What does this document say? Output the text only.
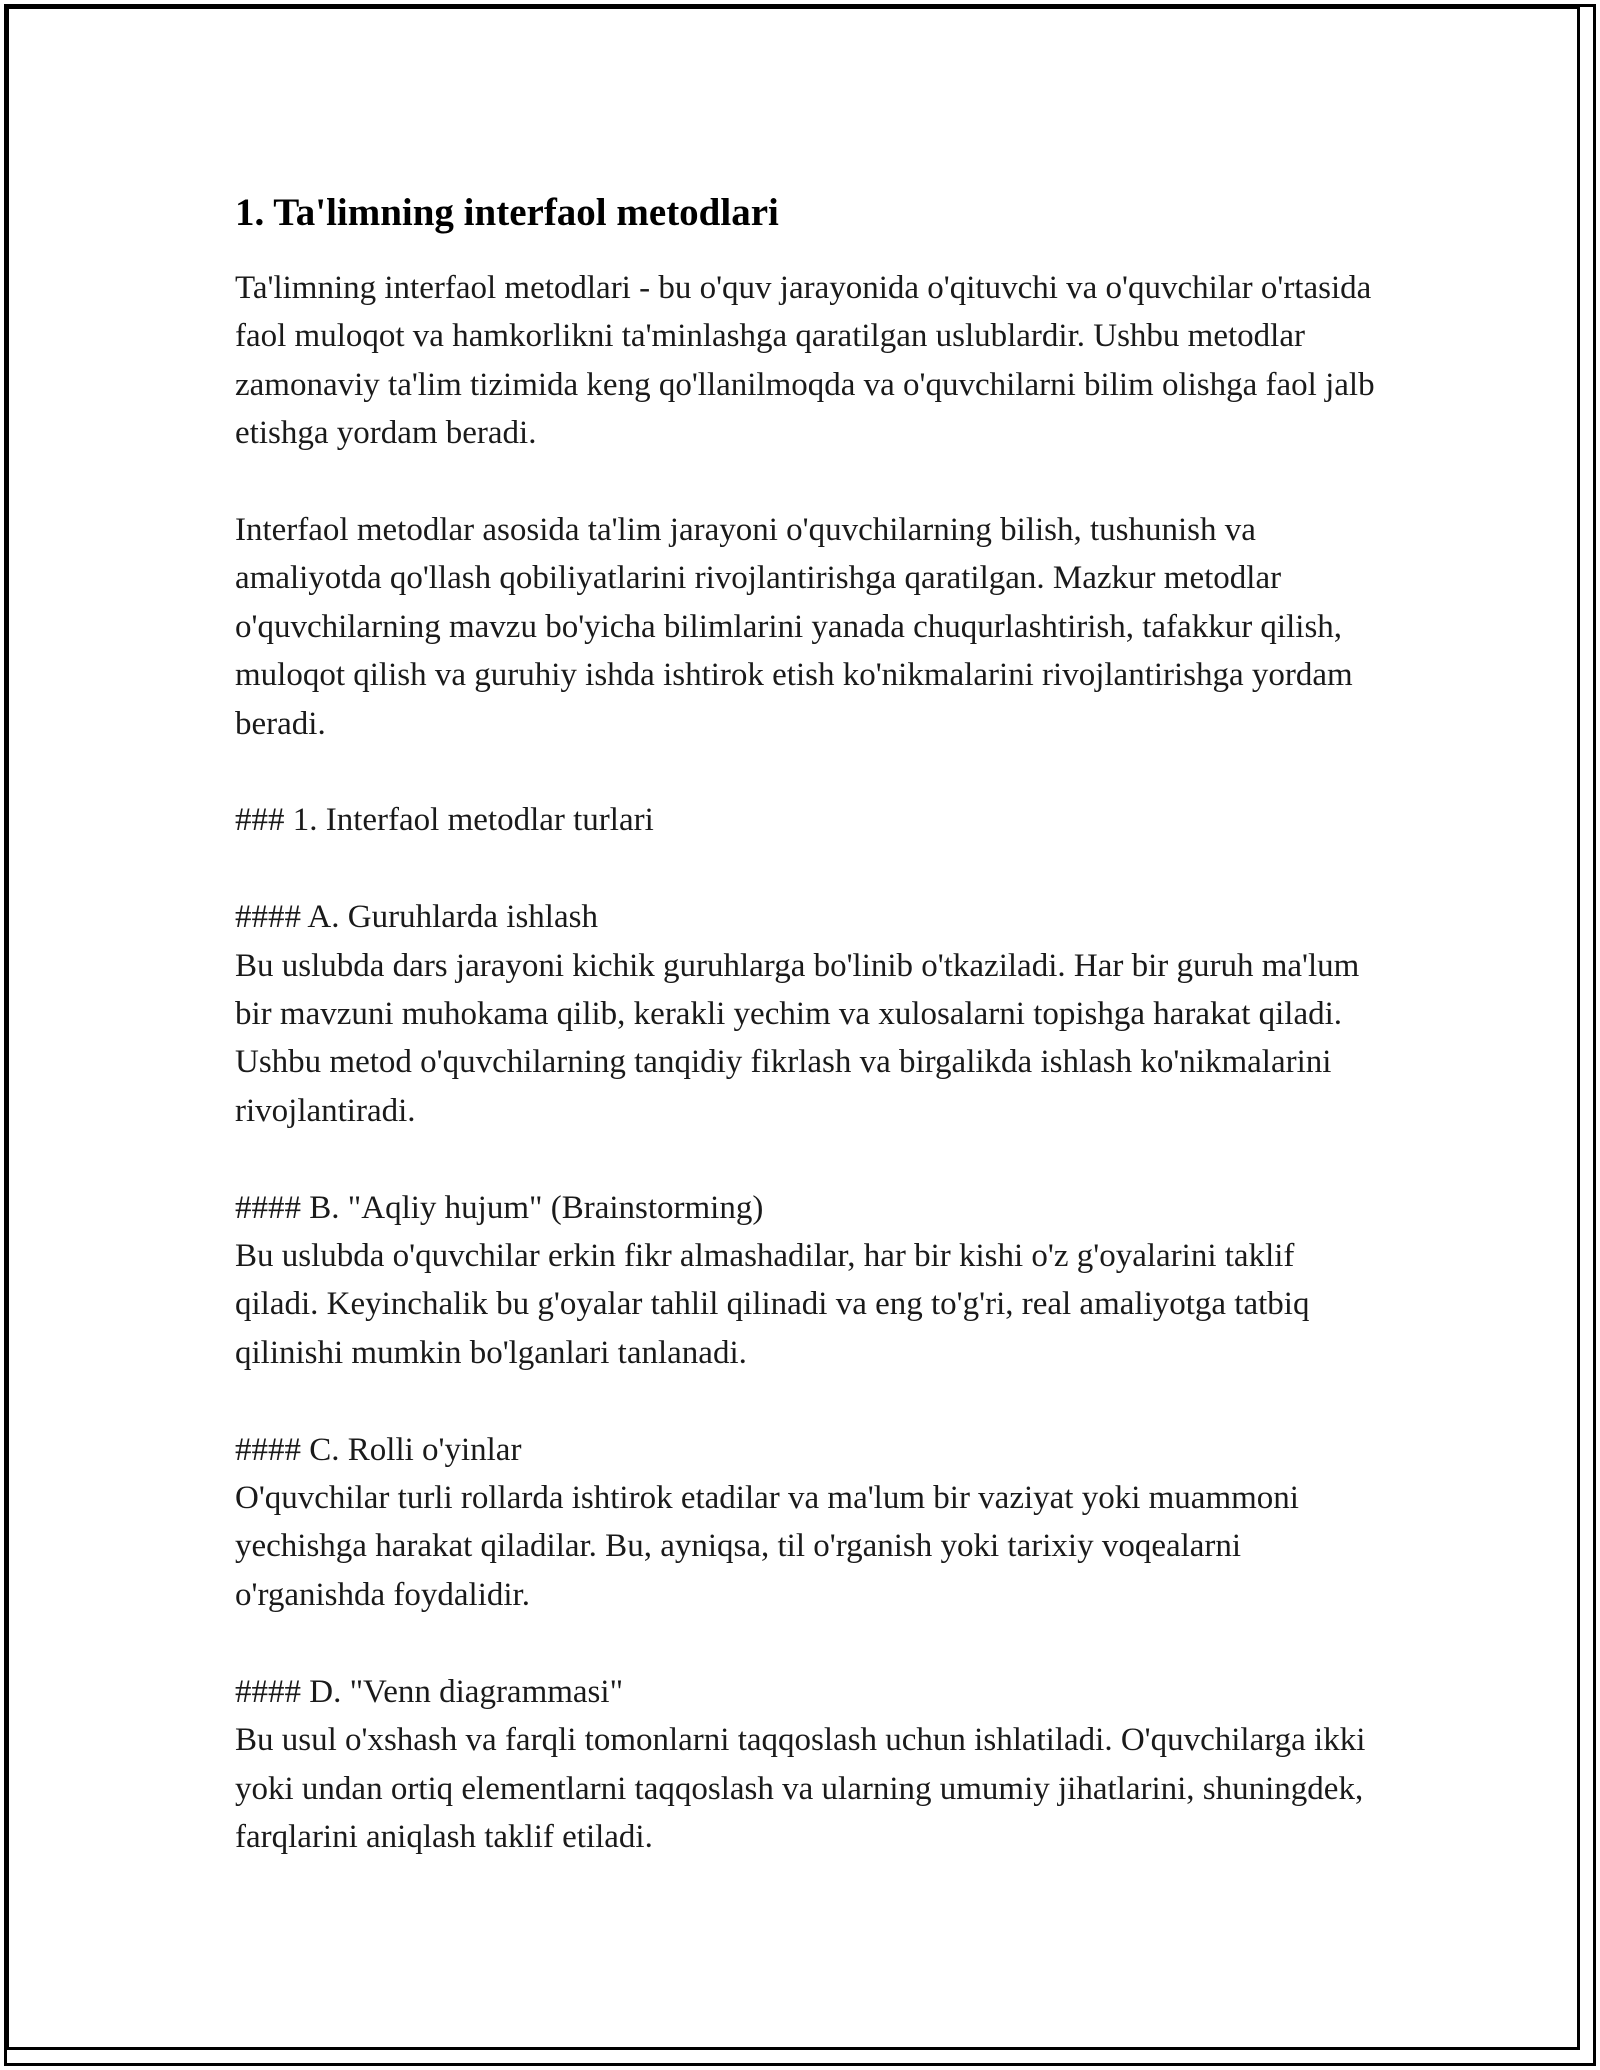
1. Ta'limning interfaol metodlari

Ta'limning interfaol metodlari - bu o'quv jarayonida o'qituvchi va o'quvchilar o'rtasida faol muloqot va hamkorlikni ta'minlashga qaratilgan uslublardir. Ushbu metodlar zamonaviy ta'lim tizimida keng qo'llanilmoqda va o'quvchilarni bilim olishga faol jalb etishga yordam beradi.

Interfaol metodlar asosida ta'lim jarayoni o'quvchilarning bilish, tushunish va amaliyotda qo'llash qobiliyatlarini rivojlantirishga qaratilgan. Mazkur metodlar o'quvchilarning mavzu bo'yicha bilimlarini yanada chuqurlashtirish, tafakkur qilish, muloqot qilish va guruhiy ishda ishtirok etish ko'nikmalarini rivojlantirishga yordam beradi.

### 1. Interfaol metodlar turlari

#### A. Guruhlarda ishlash

Bu uslubda dars jarayoni kichik guruhlarga bo'linib o'tkaziladi. Har bir guruh ma'lum bir mavzuni muhokama qilib, kerakli yechim va xulosalarni topishga harakat qiladi. Ushbu metod o'quvchilarning tanqidiy fikrlash va birgalikda ishlash ko'nikmalarini rivojlantiradi.

#### B. "Aqliy hujum" (Brainstorming)

Bu uslubda o'quvchilar erkin fikr almashadilar, har bir kishi o'z g'oyalarini taklif qiladi. Keyinchalik bu g'oyalar tahlil qilinadi va eng to'g'ri, real amaliyotga tatbiq qilinishi mumkin bo'lganlari tanlanadi.

#### C. Rolli o'yinlar

O'quvchilar turli rollarda ishtirok etadilar va ma'lum bir vaziyat yoki muammoni yechishga harakat qiladilar. Bu, ayniqsa, til o'rganish yoki tarixiy voqealarni o'rganishda foydalidir.

#### D. "Venn diagrammasi"

Bu usul o'xshash va farqli tomonlarni taqqoslash uchun ishlatiladi. O'quvchilarga ikki yoki undan ortiq elementlarni taqqoslash va ularning umumiy jihatlarini, shuningdek, farqlarini aniqlash taklif etiladi.
